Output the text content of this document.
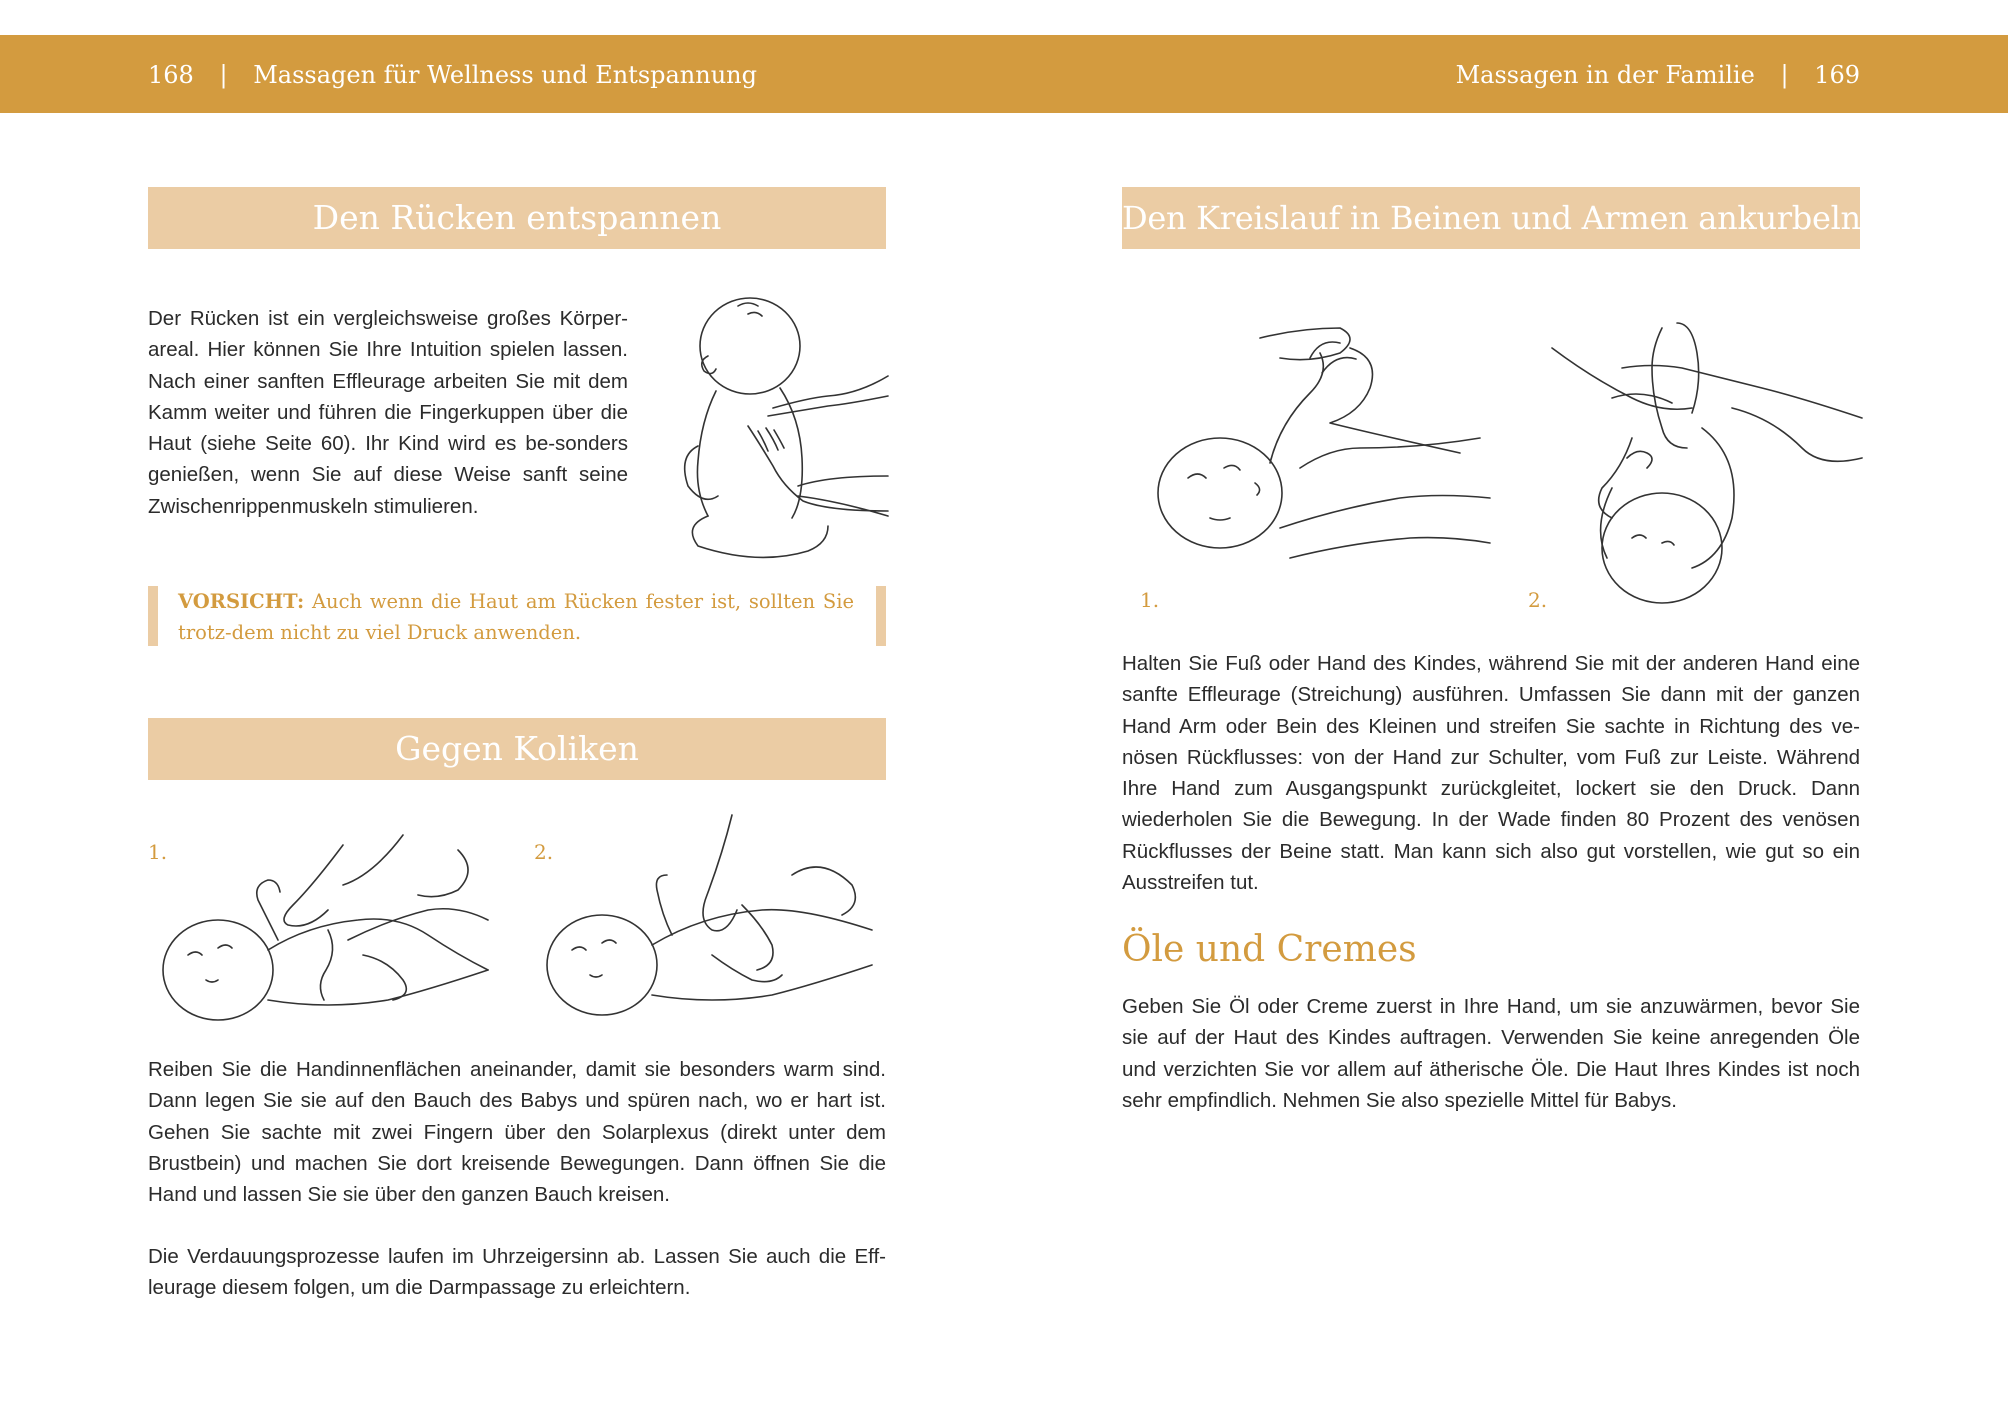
168 | Massagen für Wellness und Entspannung	Massagen in der Familie | 169
Den Rücken entspannen
Der Rücken ist ein vergleichsweise großes Körper-areal. Hier können Sie Ihre Intuition spielen lassen. Nach einer sanften Effleurage arbeiten Sie mit dem Kamm weiter und führen die Fingerkuppen über die Haut (siehe Seite 60). Ihr Kind wird es be-sonders genießen, wenn Sie auf diese Weise sanft seine Zwischenrippenmuskeln stimulieren.
VORSICHT: Auch wenn die Haut am Rücken fester ist, sollten Sie trotz-dem nicht zu viel Druck anwenden.
Gegen Koliken
1.	2.
Reiben Sie die Handinnenflächen aneinander, damit sie besonders warm sind. Dann legen Sie sie auf den Bauch des Babys und spüren nach, wo er hart ist. Gehen Sie sachte mit zwei Fingern über den Solarplexus (direkt unter dem Brustbein) und machen Sie dort kreisende Bewegungen. Dann öffnen Sie die Hand und lassen Sie sie über den ganzen Bauch kreisen.
Die Verdauungsprozesse laufen im Uhrzeigersinn ab. Lassen Sie auch die Eff-leurage diesem folgen, um die Darmpassage zu erleichtern.
Den Kreislauf in Beinen und Armen ankurbeln
1.	2.
Halten Sie Fuß oder Hand des Kindes, während Sie mit der anderen Hand eine sanfte Effleurage (Streichung) ausführen. Umfassen Sie dann mit der ganzen Hand Arm oder Bein des Kleinen und streifen Sie sachte in Richtung des ve-nösen Rückflusses: von der Hand zur Schulter, vom Fuß zur Leiste. Während Ihre Hand zum Ausgangspunkt zurückgleitet, lockert sie den Druck. Dann wiederholen Sie die Bewegung. In der Wade finden 80 Prozent des venösen Rückflusses der Beine statt. Man kann sich also gut vorstellen, wie gut so ein Ausstreifen tut.
Öle und Cremes
Geben Sie Öl oder Creme zuerst in Ihre Hand, um sie anzuwärmen, bevor Sie sie auf der Haut des Kindes auftragen. Verwenden Sie keine anregenden Öle und verzichten Sie vor allem auf ätherische Öle. Die Haut Ihres Kindes ist noch sehr empfindlich. Nehmen Sie also spezielle Mittel für Babys.
